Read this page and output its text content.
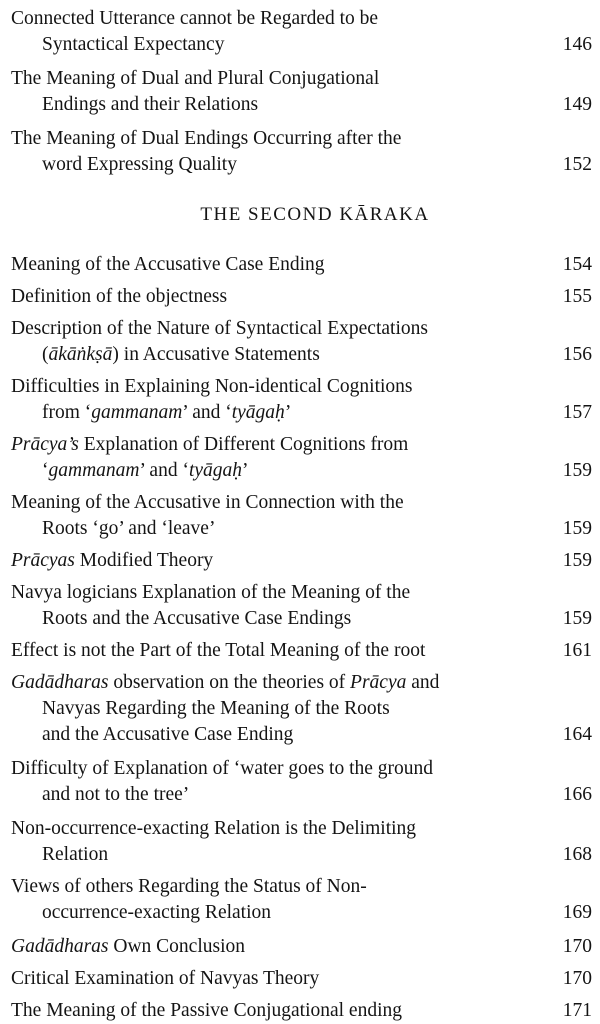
Connected Utterance cannot be Regarded to be
Syntactical Expectancy	146
The Meaning of Dual and Plural Conjugational
Endings and their Relations	149
The Meaning of Dual Endings Occurring after the
word Expressing Quality	152
THE SECOND KĀRAKA
Meaning of the Accusative Case Ending	154
Definition of the objectness	155
Description of the Nature of Syntactical Expectations
(ākāṅkṣā) in Accusative Statements	156
Difficulties in Explaining Non-identical Cognitions
from ‘gammanam’ and ‘tyāgaḥ’	157
Prācya’s Explanation of Different Cognitions from
‘gammanam’ and ‘tyāgaḥ’	159
Meaning of the Accusative in Connection with the
Roots ‘go’ and ‘leave’	159
Prācyas Modified Theory	159
Navya logicians Explanation of the Meaning of the
Roots and the Accusative Case Endings	159
Effect is not the Part of the Total Meaning of the root	161
Gadādharas observation on the theories of Prācya and
Navyas Regarding the Meaning of the Roots
and the Accusative Case Ending	164
Difficulty of Explanation of ‘water goes to the ground
and not to the tree’	166
Non-occurrence-exacting Relation is the Delimiting
Relation	168
Views of others Regarding the Status of Non-
occurrence-exacting Relation	169
Gadādharas Own Conclusion	170
Critical Examination of Navyas Theory	170
The Meaning of the Passive Conjugational ending	171
